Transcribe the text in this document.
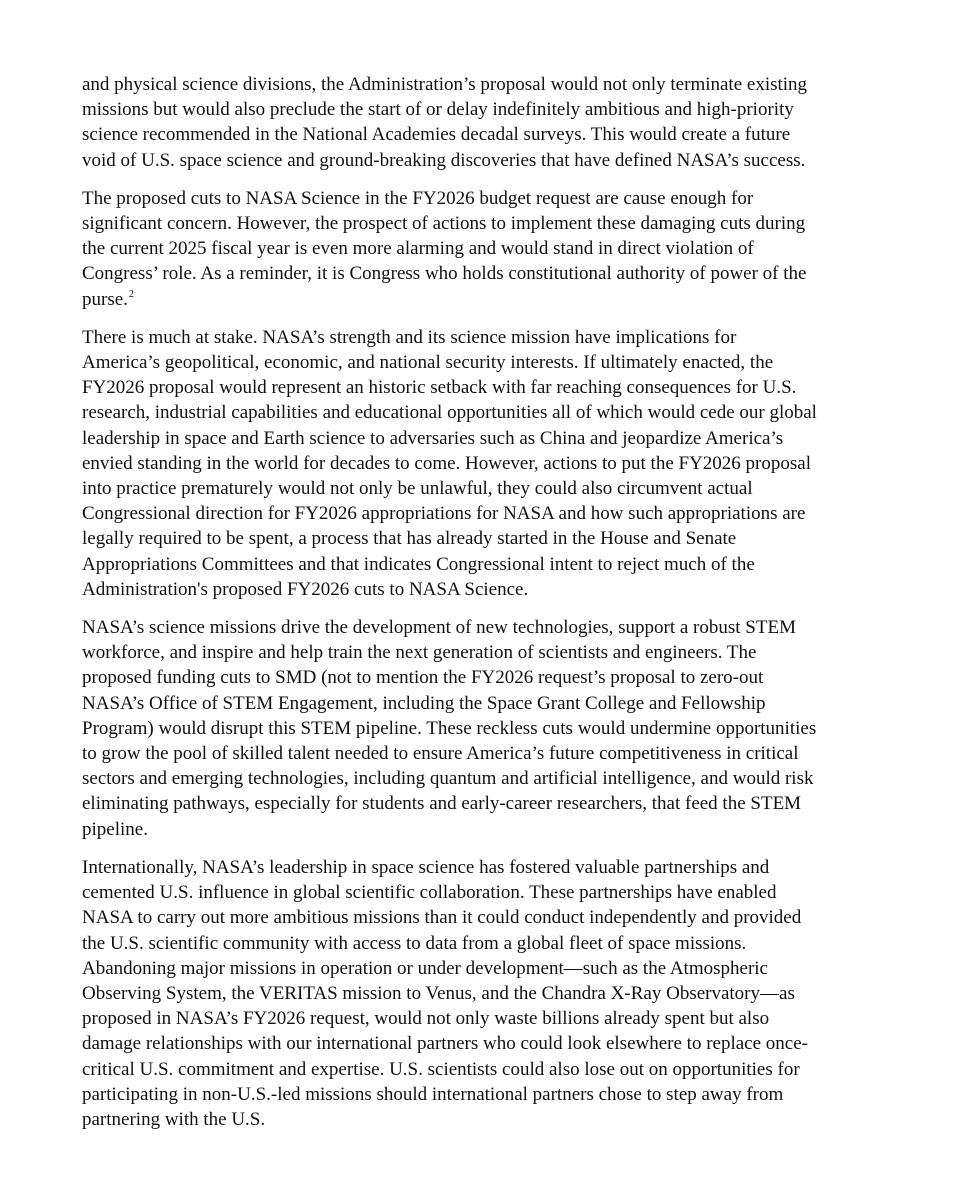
and physical science divisions, the Administration’s proposal would not only terminate existing
missions but would also preclude the start of or delay indefinitely ambitious and high-priority
science recommended in the National Academies decadal surveys. This would create a future
void of U.S. space science and ground-breaking discoveries that have defined NASA’s success.

The proposed cuts to NASA Science in the FY2026 budget request are cause enough for
significant concern. However, the prospect of actions to implement these damaging cuts during
the current 2025 fiscal year is even more alarming and would stand in direct violation of
Congress’ role. As a reminder, it is Congress who holds constitutional authority of power of the
purse.$^2$

There is much at stake. NASA’s strength and its science mission have implications for
America’s geopolitical, economic, and national security interests. If ultimately enacted, the
FY2026 proposal would represent an historic setback with far reaching consequences for U.S.
research, industrial capabilities and educational opportunities all of which would cede our global
leadership in space and Earth science to adversaries such as China and jeopardize America’s
envied standing in the world for decades to come. However, actions to put the FY2026 proposal
into practice prematurely would not only be unlawful, they could also circumvent actual
Congressional direction for FY2026 appropriations for NASA and how such appropriations are
legally required to be spent, a process that has already started in the House and Senate
Appropriations Committees and that indicates Congressional intent to reject much of the
Administration's proposed FY2026 cuts to NASA Science.

NASA’s science missions drive the development of new technologies, support a robust STEM
workforce, and inspire and help train the next generation of scientists and engineers. The
proposed funding cuts to SMD (not to mention the FY2026 request’s proposal to zero-out
NASA’s Office of STEM Engagement, including the Space Grant College and Fellowship
Program) would disrupt this STEM pipeline. These reckless cuts would undermine opportunities
to grow the pool of skilled talent needed to ensure America’s future competitiveness in critical
sectors and emerging technologies, including quantum and artificial intelligence, and would risk
eliminating pathways, especially for students and early-career researchers, that feed the STEM
pipeline.

Internationally, NASA’s leadership in space science has fostered valuable partnerships and
cemented U.S. influence in global scientific collaboration. These partnerships have enabled
NASA to carry out more ambitious missions than it could conduct independently and provided
the U.S. scientific community with access to data from a global fleet of space missions.
Abandoning major missions in operation or under development—such as the Atmospheric
Observing System, the VERITAS mission to Venus, and the Chandra X-Ray Observatory—as
proposed in NASA’s FY2026 request, would not only waste billions already spent but also
damage relationships with our international partners who could look elsewhere to replace once-
critical U.S. commitment and expertise. U.S. scientists could also lose out on opportunities for
participating in non-U.S.-led missions should international partners chose to step away from
partnering with the U.S.
